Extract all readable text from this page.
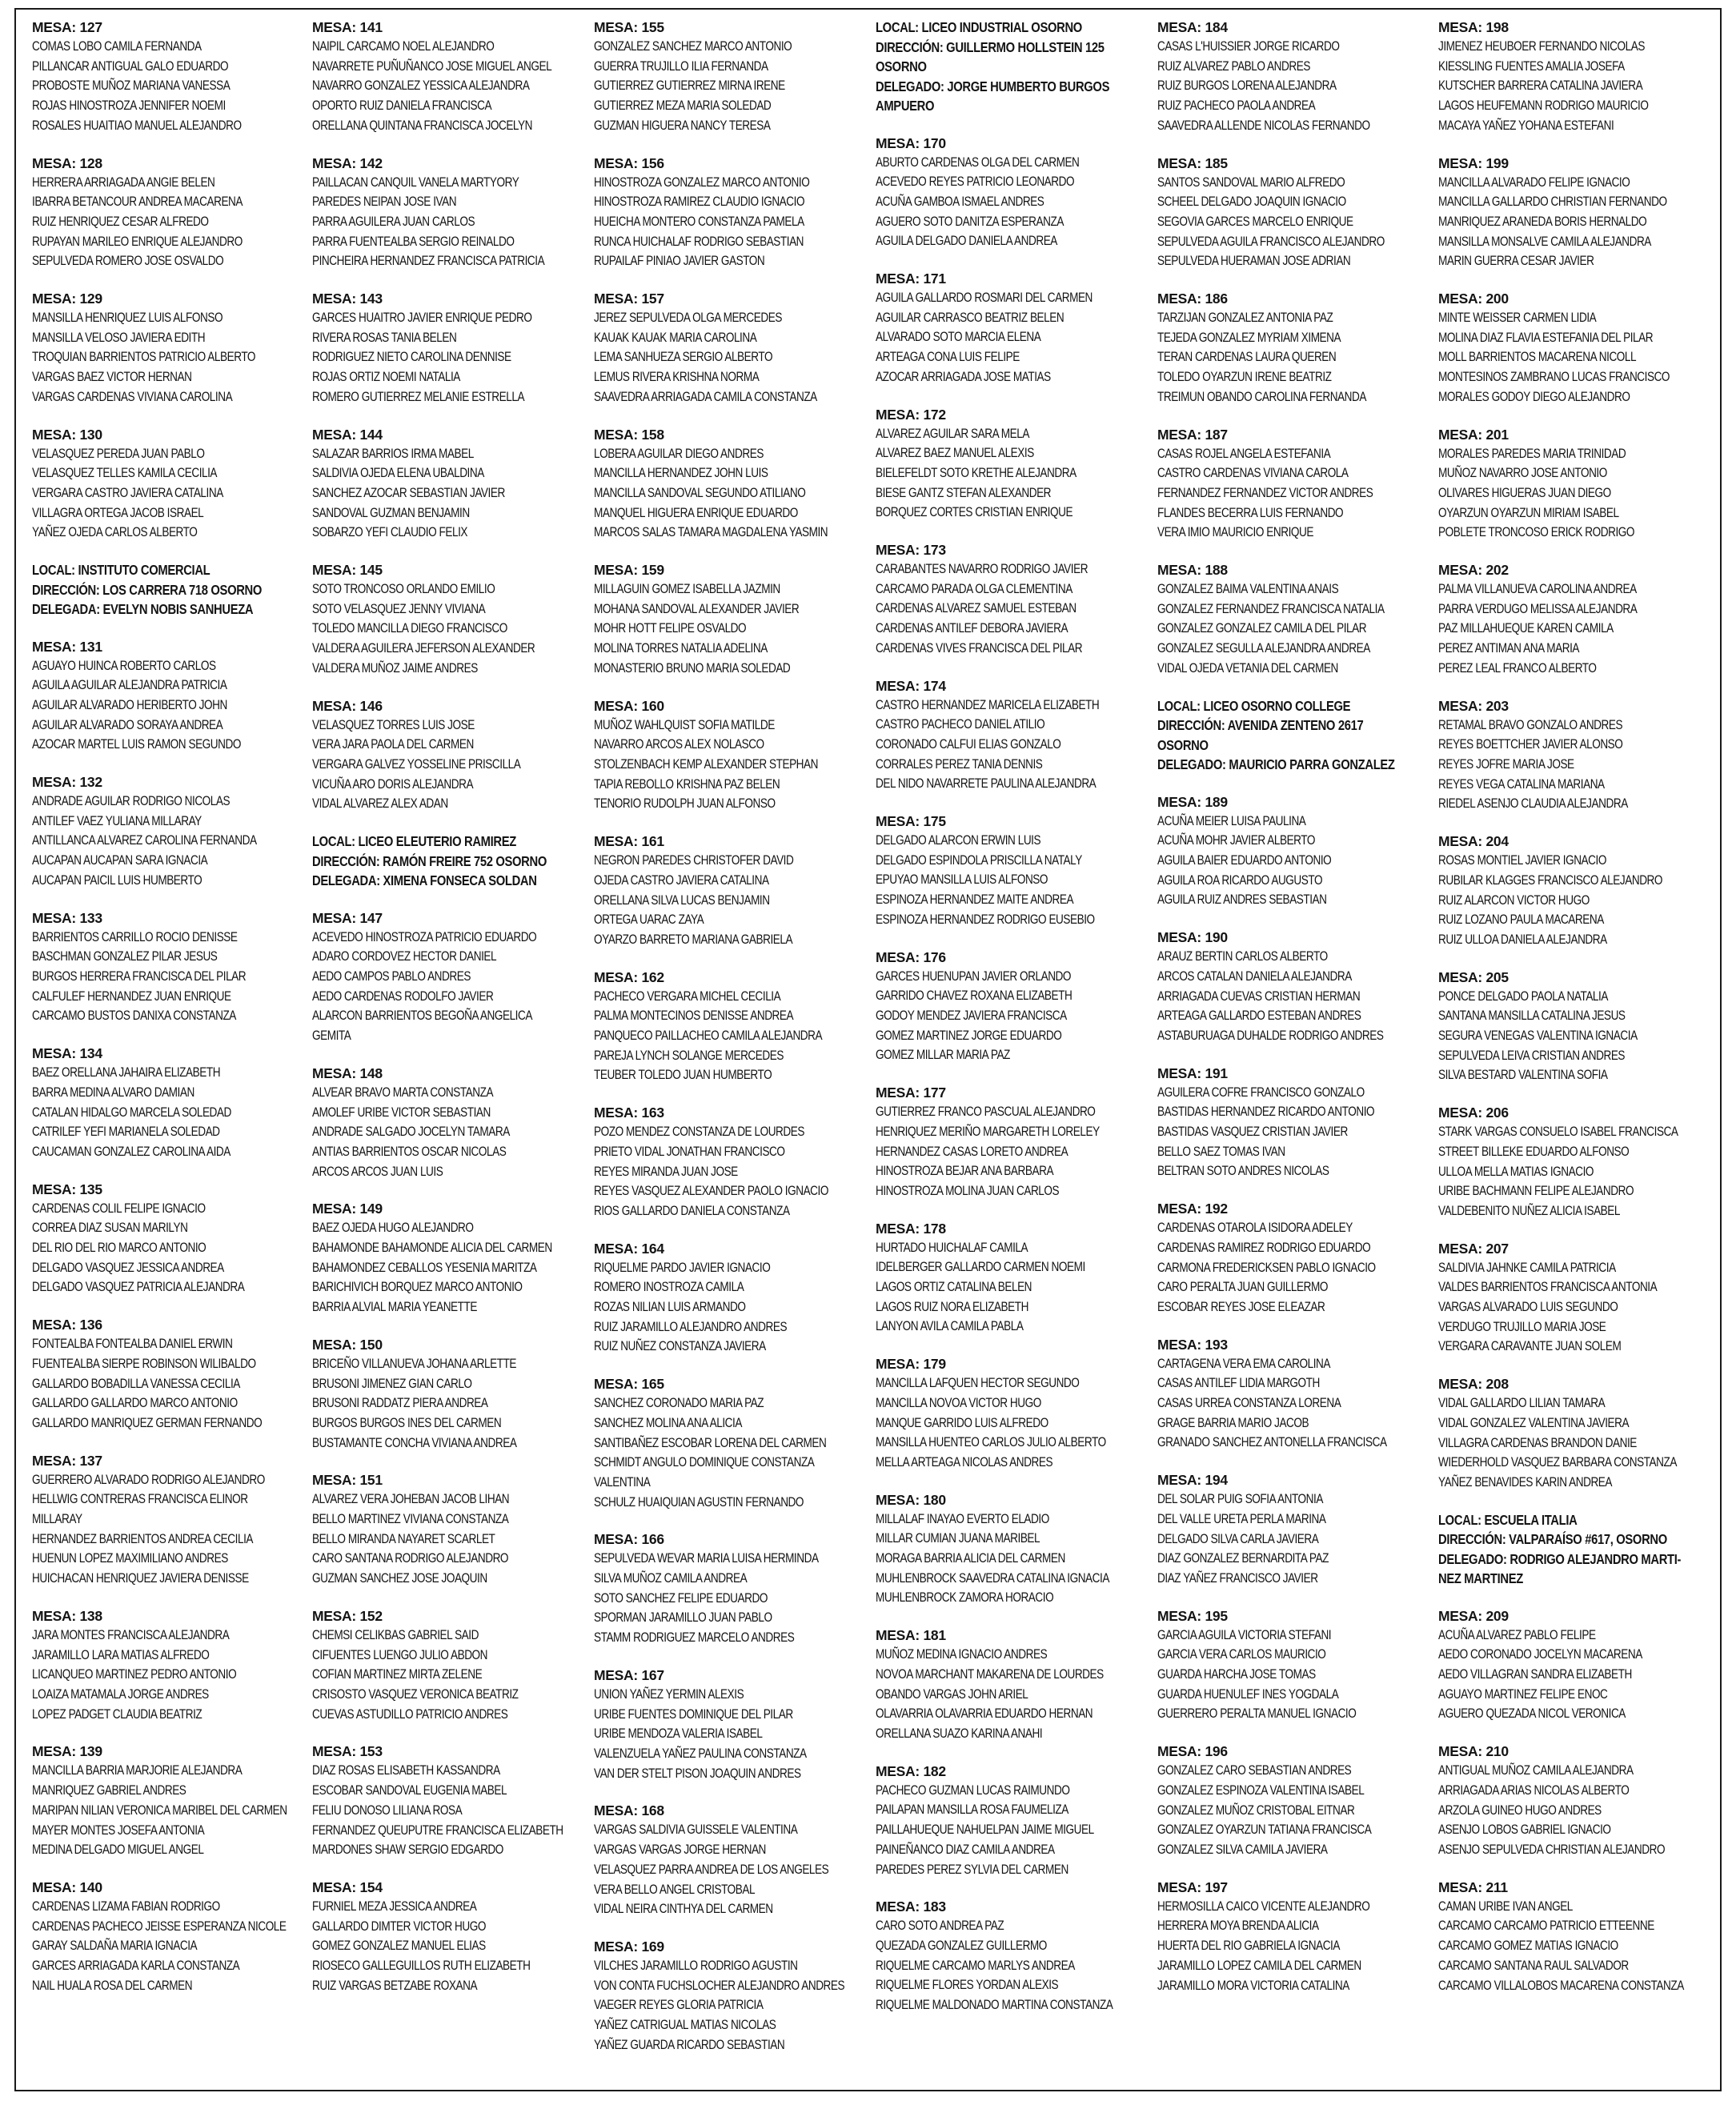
MESA: 127
COMAS LOBO CAMILA FERNANDA
PILLANCAR ANTIGUAL GALO EDUARDO
PROBOSTE MUÑOZ MARIANA VANESSA
ROJAS HINOSTROZA JENNIFER NOEMI
ROSALES HUAITIAO MANUEL ALEJANDRO
MESA: 128
HERRERA ARRIAGADA ANGIE BELEN
IBARRA BETANCOUR ANDREA MACARENA
RUIZ HENRIQUEZ CESAR ALFREDO
RUPAYAN MARILEO ENRIQUE ALEJANDRO
SEPULVEDA ROMERO JOSE OSVALDO
MESA: 129
MANSILLA HENRIQUEZ LUIS ALFONSO
MANSILLA VELOSO JAVIERA EDITH
TROQUIAN BARRIENTOS PATRICIO ALBERTO
VARGAS BAEZ VICTOR HERNAN
VARGAS CARDENAS VIVIANA CAROLINA
MESA: 130
VELASQUEZ PEREDA JUAN PABLO
VELASQUEZ TELLES KAMILA CECILIA
VERGARA CASTRO JAVIERA CATALINA
VILLAGRA ORTEGA JACOB ISRAEL
YAÑEZ OJEDA CARLOS ALBERTO
LOCAL: INSTITUTO COMERCIAL
DIRECCIÓN: LOS CARRERA 718 OSORNO
DELEGADA: EVELYN NOBIS SANHUEZA
MESA: 131
AGUAYO HUINCA ROBERTO CARLOS
AGUILA AGUILAR ALEJANDRA PATRICIA
AGUILAR ALVARADO HERIBERTO JOHN
AGUILAR ALVARADO SORAYA ANDREA
AZOCAR MARTEL LUIS RAMON SEGUNDO
MESA: 132
ANDRADE AGUILAR RODRIGO NICOLAS
ANTILEF VAEZ YULIANA MILLARAY
ANTILLANCA ALVAREZ CAROLINA FERNANDA
AUCAPAN AUCAPAN SARA IGNACIA
AUCAPAN PAICIL LUIS HUMBERTO
MESA: 133
BARRIENTOS CARRILLO ROCIO DENISSE
BASCHMAN GONZALEZ PILAR JESUS
BURGOS HERRERA FRANCISCA DEL PILAR
CALFULEF HERNANDEZ JUAN ENRIQUE
CARCAMO BUSTOS DANIXA CONSTANZA
MESA: 134
BAEZ ORELLANA JAHAIRA ELIZABETH
BARRA MEDINA ALVARO DAMIAN
CATALAN HIDALGO MARCELA SOLEDAD
CATRILEF YEFI MARIANELA SOLEDAD
CAUCAMAN GONZALEZ CAROLINA AIDA
MESA: 135
CARDENAS COLIL FELIPE IGNACIO
CORREA DIAZ SUSAN MARILYN
DEL RIO DEL RIO MARCO ANTONIO
DELGADO VASQUEZ JESSICA ANDREA
DELGADO VASQUEZ PATRICIA ALEJANDRA
MESA: 136
FONTEALBA FONTEALBA DANIEL ERWIN
FUENTEALBA SIERPE ROBINSON WILIBALDO
GALLARDO BOBADILLA VANESSA CECILIA
GALLARDO GALLARDO MARCO ANTONIO
GALLARDO MANRIQUEZ GERMAN FERNANDO
MESA: 137
GUERRERO ALVARADO RODRIGO ALEJANDRO
HELLWIG CONTRERAS FRANCISCA ELINOR
MILLARAY
HERNANDEZ BARRIENTOS ANDREA CECILIA
HUENUN LOPEZ MAXIMILIANO ANDRES
HUICHACAN HENRIQUEZ JAVIERA DENISSE
MESA: 138
JARA MONTES FRANCISCA ALEJANDRA
JARAMILLO LARA MATIAS ALFREDO
LICANQUEO MARTINEZ PEDRO ANTONIO
LOAIZA MATAMALA JORGE ANDRES
LOPEZ PADGET CLAUDIA BEATRIZ
MESA: 139
MANCILLA BARRIA MARJORIE ALEJANDRA
MANRIQUEZ GABRIEL ANDRES
MARIPAN NILIAN VERONICA MARIBEL DEL CARMEN
MAYER MONTES JOSEFA ANTONIA
MEDINA DELGADO MIGUEL ANGEL
MESA: 140
CARDENAS LIZAMA FABIAN RODRIGO
CARDENAS PACHECO JEISSE ESPERANZA NICOLE
GARAY SALDAÑA MARIA IGNACIA
GARCES ARRIAGADA KARLA CONSTANZA
NAIL HUALA ROSA DEL CARMEN
MESA: 141
NAIPIL CARCAMO NOEL ALEJANDRO
NAVARRETE PUÑUÑANCO JOSE MIGUEL ANGEL
NAVARRO GONZALEZ YESSICA ALEJANDRA
OPORTO RUIZ DANIELA FRANCISCA
ORELLANA QUINTANA FRANCISCA JOCELYN
MESA: 142
PAILLACAN CANQUIL VANELA MARTYORY
PAREDES NEIPAN JOSE IVAN
PARRA AGUILERA JUAN CARLOS
PARRA FUENTEALBA SERGIO REINALDO
PINCHEIRA HERNANDEZ FRANCISCA PATRICIA
MESA: 143
GARCES HUAITRO JAVIER ENRIQUE PEDRO
RIVERA ROSAS TANIA BELEN
RODRIGUEZ NIETO CAROLINA DENNISE
ROJAS ORTIZ NOEMI NATALIA
ROMERO GUTIERREZ MELANIE ESTRELLA
MESA: 144
SALAZAR BARRIOS IRMA MABEL
SALDIVIA OJEDA ELENA UBALDINA
SANCHEZ AZOCAR SEBASTIAN JAVIER
SANDOVAL GUZMAN BENJAMIN
SOBARZO YEFI CLAUDIO FELIX
MESA: 145
SOTO TRONCOSO ORLANDO EMILIO
SOTO VELASQUEZ JENNY VIVIANA
TOLEDO MANCILLA DIEGO FRANCISCO
VALDERA AGUILERA JEFERSON ALEXANDER
VALDERA MUÑOZ JAIME ANDRES
MESA: 146
VELASQUEZ TORRES LUIS JOSE
VERA JARA PAOLA DEL CARMEN
VERGARA GALVEZ YOSSELINE PRISCILLA
VICUÑA ARO DORIS ALEJANDRA
VIDAL ALVAREZ ALEX ADAN
LOCAL: LICEO ELEUTERIO RAMIREZ
DIRECCIÓN: RAMÓN FREIRE 752 OSORNO
DELEGADA: XIMENA FONSECA SOLDAN
MESA: 147
ACEVEDO HINOSTROZA PATRICIO EDUARDO
ADARO CORDOVEZ HECTOR DANIEL
AEDO CAMPOS PABLO ANDRES
AEDO CARDENAS RODOLFO JAVIER
ALARCON BARRIENTOS BEGOÑA ANGELICA
GEMITA
MESA: 148
ALVEAR BRAVO MARTA CONSTANZA
AMOLEF URIBE VICTOR SEBASTIAN
ANDRADE SALGADO JOCELYN TAMARA
ANTIAS BARRIENTOS OSCAR NICOLAS
ARCOS ARCOS JUAN LUIS
MESA: 149
BAEZ OJEDA HUGO ALEJANDRO
BAHAMONDE BAHAMONDE ALICIA DEL CARMEN
BAHAMONDEZ CEBALLOS YESENIA MARITZA
BARICHIVICH BORQUEZ MARCO ANTONIO
BARRIA ALVIAL MARIA YEANETTE
MESA: 150
BRICEÑO VILLANUEVA JOHANA ARLETTE
BRUSONI JIMENEZ GIAN CARLO
BRUSONI RADDATZ PIERA ANDREA
BURGOS BURGOS INES DEL CARMEN
BUSTAMANTE CONCHA VIVIANA ANDREA
MESA: 151
ALVAREZ VERA JOHEBAN JACOB LIHAN
BELLO MARTINEZ VIVIANA CONSTANZA
BELLO MIRANDA NAYARET SCARLET
CARO SANTANA RODRIGO ALEJANDRO
GUZMAN SANCHEZ JOSE JOAQUIN
MESA: 152
CHEMSI CELIKBAS GABRIEL SAID
CIFUENTES LUENGO JULIO ABDON
COFIAN MARTINEZ MIRTA ZELENE
CRISOSTO VASQUEZ VERONICA BEATRIZ
CUEVAS ASTUDILLO PATRICIO ANDRES
MESA: 153
DIAZ ROSAS ELISABETH KASSANDRA
ESCOBAR SANDOVAL EUGENIA MABEL
FELIU DONOSO LILIANA ROSA
FERNANDEZ QUEUPUTRE FRANCISCA ELIZABETH
MARDONES SHAW SERGIO EDGARDO
MESA: 154
FURNIEL MEZA JESSICA ANDREA
GALLARDO DIMTER VICTOR HUGO
GOMEZ GONZALEZ MANUEL ELIAS
RIOSECO GALLEGUILLOS RUTH ELIZABETH
RUIZ VARGAS BETZABE ROXANA
MESA: 155
GONZALEZ SANCHEZ MARCO ANTONIO
GUERRA TRUJILLO ILIA FERNANDA
GUTIERREZ GUTIERREZ MIRNA IRENE
GUTIERREZ MEZA MARIA SOLEDAD
GUZMAN HIGUERA NANCY TERESA
MESA: 156
HINOSTROZA GONZALEZ MARCO ANTONIO
HINOSTROZA RAMIREZ CLAUDIO IGNACIO
HUEICHA MONTERO CONSTANZA PAMELA
RUNCA HUICHALAF RODRIGO SEBASTIAN
RUPAILAF PINIAO JAVIER GASTON
MESA: 157
JEREZ SEPULVEDA OLGA MERCEDES
KAUAK KAUAK MARIA CAROLINA
LEMA SANHUEZA SERGIO ALBERTO
LEMUS RIVERA KRISHNA NORMA
SAAVEDRA ARRIAGADA CAMILA CONSTANZA
MESA: 158
LOBERA AGUILAR DIEGO ANDRES
MANCILLA HERNANDEZ JOHN LUIS
MANCILLA SANDOVAL SEGUNDO ATILIANO
MANQUEL HIGUERA ENRIQUE EDUARDO
MARCOS SALAS TAMARA MAGDALENA YASMIN
MESA: 159
MILLAGUIN GOMEZ ISABELLA JAZMIN
MOHANA SANDOVAL ALEXANDER JAVIER
MOHR HOTT FELIPE OSVALDO
MOLINA TORRES NATALIA ADELINA
MONASTERIO BRUNO MARIA SOLEDAD
MESA: 160
MUÑOZ WAHLQUIST SOFIA MATILDE
NAVARRO ARCOS ALEX NOLASCO
STOLZENBACH KEMP ALEXANDER STEPHAN
TAPIA REBOLLO KRISHNA PAZ BELEN
TENORIO RUDOLPH JUAN ALFONSO
MESA: 161
NEGRON PAREDES CHRISTOFER DAVID
OJEDA CASTRO JAVIERA CATALINA
ORELLANA SILVA LUCAS BENJAMIN
ORTEGA UARAC ZAYA
OYARZO BARRETO MARIANA GABRIELA
MESA: 162
PACHECO VERGARA MICHEL CECILIA
PALMA MONTECINOS DENISSE ANDREA
PANQUECO PAILLACHEO CAMILA ALEJANDRA
PAREJA LYNCH SOLANGE MERCEDES
TEUBER TOLEDO JUAN HUMBERTO
MESA: 163
POZO MENDEZ CONSTANZA DE LOURDES
PRIETO VIDAL JONATHAN FRANCISCO
REYES MIRANDA JUAN JOSE
REYES VASQUEZ ALEXANDER PAOLO IGNACIO
RIOS GALLARDO DANIELA CONSTANZA
MESA: 164
RIQUELME PARDO JAVIER IGNACIO
ROMERO INOSTROZA CAMILA
ROZAS NILIAN LUIS ARMANDO
RUIZ JARAMILLO ALEJANDRO ANDRES
RUIZ NUÑEZ CONSTANZA JAVIERA
MESA: 165
SANCHEZ CORONADO MARIA PAZ
SANCHEZ MOLINA ANA ALICIA
SANTIBAÑEZ ESCOBAR LORENA DEL CARMEN
SCHMIDT ANGULO DOMINIQUE CONSTANZA
VALENTINA
SCHULZ HUAIQUIAN AGUSTIN FERNANDO
MESA: 166
SEPULVEDA WEVAR MARIA LUISA HERMINDA
SILVA MUÑOZ CAMILA ANDREA
SOTO SANCHEZ FELIPE EDUARDO
SPORMAN JARAMILLO JUAN PABLO
STAMM RODRIGUEZ MARCELO ANDRES
MESA: 167
UNION YAÑEZ YERMIN ALEXIS
URIBE FUENTES DOMINIQUE DEL PILAR
URIBE MENDOZA VALERIA ISABEL
VALENZUELA YAÑEZ PAULINA CONSTANZA
VAN DER STELT PISON JOAQUIN ANDRES
MESA: 168
VARGAS SALDIVIA GUISSELE VALENTINA
VARGAS VARGAS JORGE HERNAN
VELASQUEZ PARRA ANDREA DE LOS ANGELES
VERA BELLO ANGEL CRISTOBAL
VIDAL NEIRA CINTHYA DEL CARMEN
MESA: 169
VILCHES JARAMILLO RODRIGO AGUSTIN
VON CONTA FUCHSLOCHER ALEJANDRO ANDRES
VAEGER REYES GLORIA PATRICIA
YAÑEZ CATRIGUAL MATIAS NICOLAS
YAÑEZ GUARDA RICARDO SEBASTIAN
LOCAL: LICEO INDUSTRIAL OSORNO
DIRECCIÓN: GUILLERMO HOLLSTEIN 125
OSORNO
DELEGADO: JORGE HUMBERTO BURGOS
AMPUERO
MESA: 170
ABURTO CARDENAS OLGA DEL CARMEN
ACEVEDO REYES PATRICIO LEONARDO
ACUÑA GAMBOA ISMAEL ANDRES
AGUERO SOTO DANITZA ESPERANZA
AGUILA DELGADO DANIELA ANDREA
MESA: 171
AGUILA GALLARDO ROSMARI DEL CARMEN
AGUILAR CARRASCO BEATRIZ BELEN
ALVARADO SOTO MARCIA ELENA
ARTEAGA CONA LUIS FELIPE
AZOCAR ARRIAGADA JOSE MATIAS
MESA: 172
ALVAREZ AGUILAR SARA MELA
ALVAREZ BAEZ MANUEL ALEXIS
BIELEFELDT SOTO KRETHE ALEJANDRA
BIESE GANTZ STEFAN ALEXANDER
BORQUEZ CORTES CRISTIAN ENRIQUE
MESA: 173
CARABANTES NAVARRO RODRIGO JAVIER
CARCAMO PARADA OLGA CLEMENTINA
CARDENAS ALVAREZ SAMUEL ESTEBAN
CARDENAS ANTILEF DEBORA JAVIERA
CARDENAS VIVES FRANCISCA DEL PILAR
MESA: 174
CASTRO HERNANDEZ MARICELA ELIZABETH
CASTRO PACHECO DANIEL ATILIO
CORONADO CALFUI ELIAS GONZALO
CORRALES PEREZ TANIA DENNIS
DEL NIDO NAVARRETE PAULINA ALEJANDRA
MESA: 175
DELGADO ALARCON ERWIN LUIS
DELGADO ESPINDOLA PRISCILLA NATALY
EPUYAO MANSILLA LUIS ALFONSO
ESPINOZA HERNANDEZ MAITE ANDREA
ESPINOZA HERNANDEZ RODRIGO EUSEBIO
MESA: 176
GARCES HUENUPAN JAVIER ORLANDO
GARRIDO CHAVEZ ROXANA ELIZABETH
GODOY MENDEZ JAVIERA FRANCISCA
GOMEZ MARTINEZ JORGE EDUARDO
GOMEZ MILLAR MARIA PAZ
MESA: 177
GUTIERREZ FRANCO PASCUAL ALEJANDRO
HENRIQUEZ MERIÑO MARGARETH LORELEY
HERNANDEZ CASAS LORETO ANDREA
HINOSTROZA BEJAR ANA BARBARA
HINOSTROZA MOLINA JUAN CARLOS
MESA: 178
HURTADO HUICHALAF CAMILA
IDELBERGER GALLARDO CARMEN NOEMI
LAGOS ORTIZ CATALINA BELEN
LAGOS RUIZ NORA ELIZABETH
LANYON AVILA CAMILA PABLA
MESA: 179
MANCILLA LAFQUEN HECTOR SEGUNDO
MANCILLA NOVOA VICTOR HUGO
MANQUE GARRIDO LUIS ALFREDO
MANSILLA HUENTEO CARLOS JULIO ALBERTO
MELLA ARTEAGA NICOLAS ANDRES
MESA: 180
MILLALAF INAYAO EVERTO ELADIO
MILLAR CUMIAN JUANA MARIBEL
MORAGA BARRIA ALICIA DEL CARMEN
MUHLENBROCK SAAVEDRA CATALINA IGNACIA
MUHLENBROCK ZAMORA HORACIO
MESA: 181
MUÑOZ MEDINA IGNACIO ANDRES
NOVOA MARCHANT MAKARENA DE LOURDES
OBANDO VARGAS JOHN ARIEL
OLAVARRIA OLAVARRIA EDUARDO HERNAN
ORELLANA SUAZO KARINA ANAHI
MESA: 182
PACHECO GUZMAN LUCAS RAIMUNDO
PAILAPAN MANSILLA ROSA FAUMELIZA
PAILLAHUEQUE NAHUELPAN JAIME MIGUEL
PAINEÑANCO DIAZ CAMILA ANDREA
PAREDES PEREZ SYLVIA DEL CARMEN
MESA: 183
CARO SOTO ANDREA PAZ
QUEZADA GONZALEZ GUILLERMO
RIQUELME CARCAMO MARLYS ANDREA
RIQUELME FLORES YORDAN ALEXIS
RIQUELME MALDONADO MARTINA CONSTANZA
MESA: 184
CASAS L'HUISSIER JORGE RICARDO
RUIZ ALVAREZ PABLO ANDRES
RUIZ BURGOS LORENA ALEJANDRA
RUIZ PACHECO PAOLA ANDREA
SAAVEDRA ALLENDE NICOLAS FERNANDO
MESA: 185
SANTOS SANDOVAL MARIO ALFREDO
SCHEEL DELGADO JOAQUIN IGNACIO
SEGOVIA GARCES MARCELO ENRIQUE
SEPULVEDA AGUILA FRANCISCO ALEJANDRO
SEPULVEDA HUERAMAN JOSE ADRIAN
MESA: 186
TARZIJAN GONZALEZ ANTONIA PAZ
TEJEDA GONZALEZ MYRIAM XIMENA
TERAN CARDENAS LAURA QUEREN
TOLEDO OYARZUN IRENE BEATRIZ
TREIMUN OBANDO CAROLINA FERNANDA
MESA: 187
CASAS ROJEL ANGELA ESTEFANIA
CASTRO CARDENAS VIVIANA CAROLA
FERNANDEZ FERNANDEZ VICTOR ANDRES
FLANDES BECERRA LUIS FERNANDO
VERA IMIO MAURICIO ENRIQUE
MESA: 188
GONZALEZ BAIMA VALENTINA ANAIS
GONZALEZ FERNANDEZ FRANCISCA NATALIA
GONZALEZ GONZALEZ CAMILA DEL PILAR
GONZALEZ SEGULLA ALEJANDRA ANDREA
VIDAL OJEDA VETANIA DEL CARMEN
LOCAL: LICEO OSORNO COLLEGE
DIRECCIÓN: AVENIDA ZENTENO 2617
OSORNO
DELEGADO: MAURICIO PARRA GONZALEZ
MESA: 189
ACUÑA MEIER LUISA PAULINA
ACUÑA MOHR JAVIER ALBERTO
AGUILA BAIER EDUARDO ANTONIO
AGUILA ROA RICARDO AUGUSTO
AGUILA RUIZ ANDRES SEBASTIAN
MESA: 190
ARAUZ BERTIN CARLOS ALBERTO
ARCOS CATALAN DANIELA ALEJANDRA
ARRIAGADA CUEVAS CRISTIAN HERMAN
ARTEAGA GALLARDO ESTEBAN ANDRES
ASTABURUAGA DUHALDE RODRIGO ANDRES
MESA: 191
AGUILERA COFRE FRANCISCO GONZALO
BASTIDAS HERNANDEZ RICARDO ANTONIO
BASTIDAS VASQUEZ CRISTIAN JAVIER
BELLO SAEZ TOMAS IVAN
BELTRAN SOTO ANDRES NICOLAS
MESA: 192
CARDENAS OTAROLA ISIDORA ADELEY
CARDENAS RAMIREZ RODRIGO EDUARDO
CARMONA FREDERICKSEN PABLO IGNACIO
CARO PERALTA JUAN GUILLERMO
ESCOBAR REYES JOSE ELEAZAR
MESA: 193
CARTAGENA VERA EMA CAROLINA
CASAS ANTILEF LIDIA MARGOTH
CASAS URREA CONSTANZA LORENA
GRAGE BARRIA MARIO JACOB
GRANADO SANCHEZ ANTONELLA FRANCISCA
MESA: 194
DEL SOLAR PUIG SOFIA ANTONIA
DEL VALLE URETA PERLA MARINA
DELGADO SILVA CARLA JAVIERA
DIAZ GONZALEZ BERNARDITA PAZ
DIAZ YAÑEZ FRANCISCO JAVIER
MESA: 195
GARCIA AGUILA VICTORIA STEFANI
GARCIA VERA CARLOS MAURICIO
GUARDA HARCHA JOSE TOMAS
GUARDA HUENULEF INES YOGDALA
GUERRERO PERALTA MANUEL IGNACIO
MESA: 196
GONZALEZ CARO SEBASTIAN ANDRES
GONZALEZ ESPINOZA VALENTINA ISABEL
GONZALEZ MUÑOZ CRISTOBAL EITNAR
GONZALEZ OYARZUN TATIANA FRANCISCA
GONZALEZ SILVA CAMILA JAVIERA
MESA: 197
HERMOSILLA CAICO VICENTE ALEJANDRO
HERRERA MOYA BRENDA ALICIA
HUERTA DEL RIO GABRIELA IGNACIA
JARAMILLO LOPEZ CAMILA DEL CARMEN
JARAMILLO MORA VICTORIA CATALINA
MESA: 198
JIMENEZ HEUBOER FERNANDO NICOLAS
KIESSLING FUENTES AMALIA JOSEFA
KUTSCHER BARRERA CATALINA JAVIERA
LAGOS HEUFEMANN RODRIGO MAURICIO
MACAYA YAÑEZ YOHANA ESTEFANI
MESA: 199
MANCILLA ALVARADO FELIPE IGNACIO
MANCILLA GALLARDO CHRISTIAN FERNANDO
MANRIQUEZ ARANEDA BORIS HERNALDO
MANSILLA MONSALVE CAMILA ALEJANDRA
MARIN GUERRA CESAR JAVIER
MESA: 200
MINTE WEISSER CARMEN LIDIA
MOLINA DIAZ FLAVIA ESTEFANIA DEL PILAR
MOLL BARRIENTOS MACARENA NICOLL
MONTESINOS ZAMBRANO LUCAS FRANCISCO
MORALES GODOY DIEGO ALEJANDRO
MESA: 201
MORALES PAREDES MARIA TRINIDAD
MUÑOZ NAVARRO JOSE ANTONIO
OLIVARES HIGUERAS JUAN DIEGO
OYARZUN OYARZUN MIRIAM ISABEL
POBLETE TRONCOSO ERICK RODRIGO
MESA: 202
PALMA VILLANUEVA CAROLINA ANDREA
PARRA VERDUGO MELISSA ALEJANDRA
PAZ MILLAHUEQUE KAREN CAMILA
PEREZ ANTIMAN ANA MARIA
PEREZ LEAL FRANCO ALBERTO
MESA: 203
RETAMAL BRAVO GONZALO ANDRES
REYES BOETTCHER JAVIER ALONSO
REYES JOFRE MARIA JOSE
REYES VEGA CATALINA MARIANA
RIEDEL ASENJO CLAUDIA ALEJANDRA
MESA: 204
ROSAS MONTIEL JAVIER IGNACIO
RUBILAR KLAGGES FRANCISCO ALEJANDRO
RUIZ ALARCON VICTOR HUGO
RUIZ LOZANO PAULA MACARENA
RUIZ ULLOA DANIELA ALEJANDRA
MESA: 205
PONCE DELGADO PAOLA NATALIA
SANTANA MANSILLA CATALINA JESUS
SEGURA VENEGAS VALENTINA IGNACIA
SEPULVEDA LEIVA CRISTIAN ANDRES
SILVA BESTARD VALENTINA SOFIA
MESA: 206
STARK VARGAS CONSUELO ISABEL FRANCISCA
STREET BILLEKE EDUARDO ALFONSO
ULLOA MELLA MATIAS IGNACIO
URIBE BACHMANN FELIPE ALEJANDRO
VALDEBENITO NUÑEZ ALICIA ISABEL
MESA: 207
SALDIVIA JAHNKE CAMILA PATRICIA
VALDES BARRIENTOS FRANCISCA ANTONIA
VARGAS ALVARADO LUIS SEGUNDO
VERDUGO TRUJILLO MARIA JOSE
VERGARA CARAVANTE JUAN SOLEM
MESA: 208
VIDAL GALLARDO LILIAN TAMARA
VIDAL GONZALEZ VALENTINA JAVIERA
VILLAGRA CARDENAS BRANDON DANIE
WIEDERHOLD VASQUEZ BARBARA CONSTANZA
YAÑEZ BENAVIDES KARIN ANDREA
LOCAL: ESCUELA ITALIA
DIRECCIÓN: VALPARAÍSO #617, OSORNO
DELEGADO: RODRIGO ALEJANDRO MARTI-
NEZ MARTINEZ
MESA: 209
ACUÑA ALVAREZ PABLO FELIPE
AEDO CORONADO JOCELYN MACARENA
AEDO VILLAGRAN SANDRA ELIZABETH
AGUAYO MARTINEZ FELIPE ENOC
AGUERO QUEZADA NICOL VERONICA
MESA: 210
ANTIGUAL MUÑOZ CAMILA ALEJANDRA
ARRIAGADA ARIAS NICOLAS ALBERTO
ARZOLA GUINEO HUGO ANDRES
ASENJO LOBOS GABRIEL IGNACIO
ASENJO SEPULVEDA CHRISTIAN ALEJANDRO
MESA: 211
CAMAN URIBE IVAN ANGEL
CARCAMO CARCAMO PATRICIO ETTEENNE
CARCAMO GOMEZ MATIAS IGNACIO
CARCAMO SANTANA RAUL SALVADOR
CARCAMO VILLALOBOS MACARENA CONSTANZA
